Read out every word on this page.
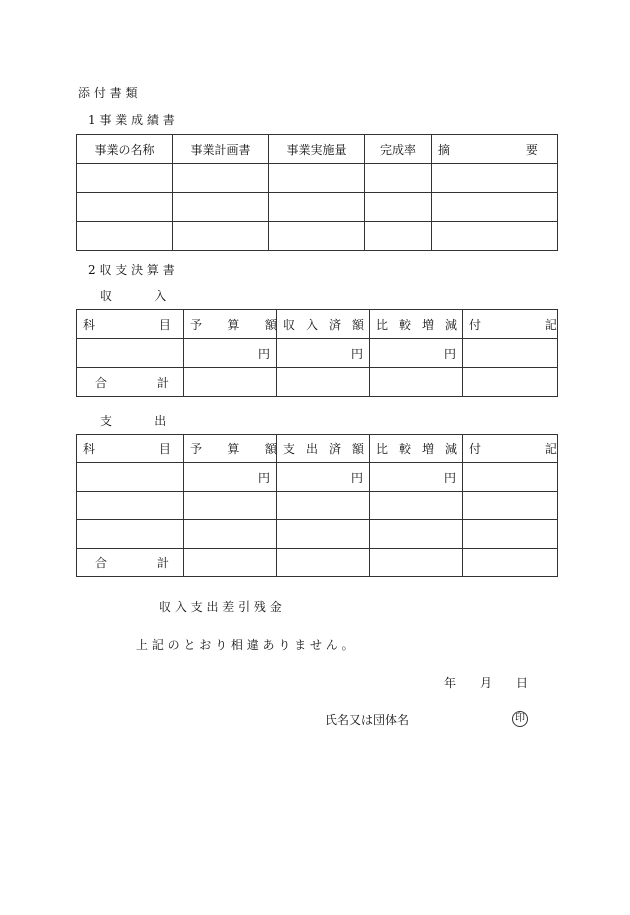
添 付 書 類
1 事 業 成 績 書
事業の名称	事業計画書	事業実施量	完成率	摘 要

2 収 支 決 算 書
収 入
科 目	予 算 額	収 入 済 額	比 較 増 減	付 記
	円	円	円	

合 計				

支 出
科 目	予 算 額	支 出 済 額	比 較 増 減	付 記
	円	円	円	

合 計				

収 入 支 出 差 引 残 金
上 記 の と お り 相 違 あ り ま せ ん 。
年 月 日
氏名又は団体名	印
